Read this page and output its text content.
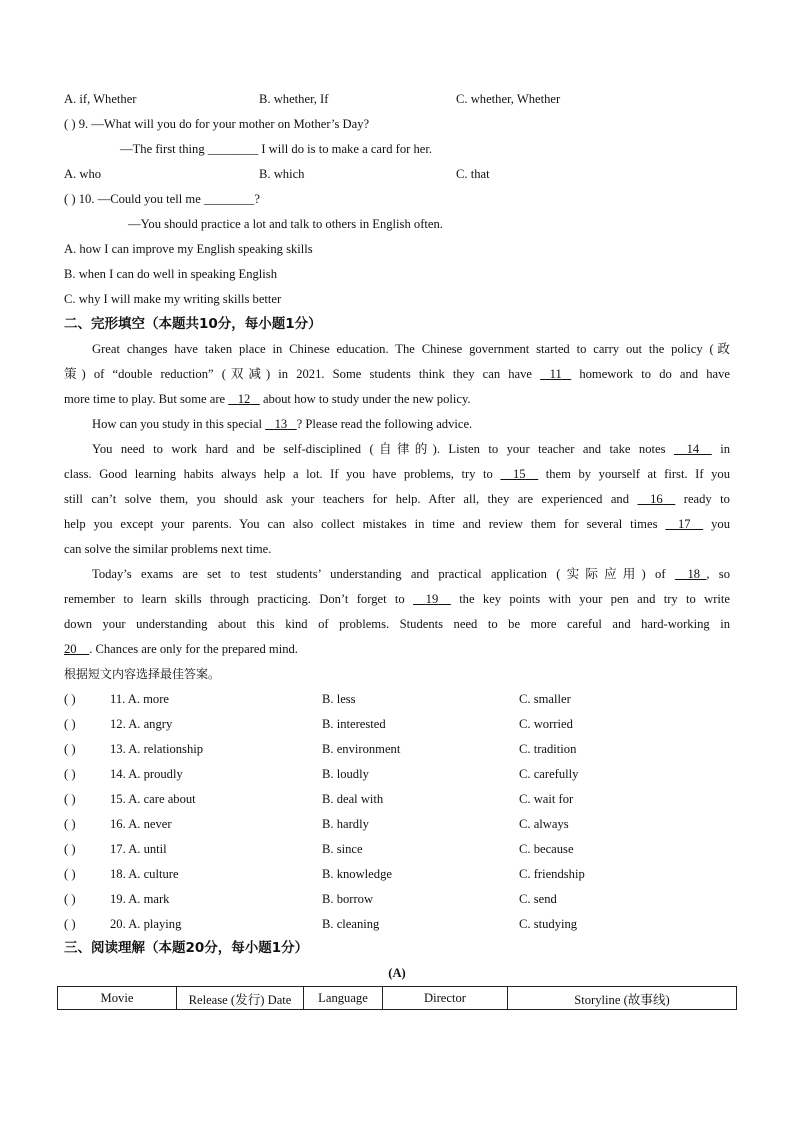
A. if, Whether	B. whether, If	C. whether, Whether
( ) 9. —What will you do for your mother on Mother’s Day?
—The first thing ________ I will do is to make a card for her.
A. who	B. which	C. that
( ) 10. —Could you tell me ________?
—You should practice a lot and talk to others in English often.
A. how I can improve my English speaking skills
B. when I can do well in speaking English
C. why I will make my writing skills better
二、完形填空（本题共10分，每小题1分）
Great changes have taken place in Chinese education. The Chinese government started to carry out the policy (政
策) of “double reduction” (双减) in 2021. Some students think they can have 11 homework to do and have
more time to play. But some are 12 about how to study under the new policy.
How can you study in this special 13 ? Please read the following advice.
You need to work hard and be self-disciplined (自律的). Listen to your teacher and take notes 14 in
class. Good learning habits always help a lot. If you have problems, try to 15 them by yourself at first. If you
still can’t solve them, you should ask your teachers for help. After all, they are experienced and 16 ready to
help you except your parents. You can also collect mistakes in time and review them for several times 17 you
can solve the similar problems next time.
Today’s exams are set to test students’ understanding and practical application (实际应用) of 18 , so
remember to learn skills through practicing. Don’t forget to 19 the key points with your pen and try to write
down your understanding about this kind of problems. Students need to be more careful and hard-working in
20 . Chances are only for the prepared mind.
根据短文内容选择最佳答案。
( )	11. A. more	B. less	C. smaller
( )	12. A. angry	B. interested	C. worried
( )	13. A. relationship	B. environment	C. tradition
( )	14. A. proudly	B. loudly	C. carefully
( )	15. A. care about	B. deal with	C. wait for
( )	16. A. never	B. hardly	C. always
( )	17. A. until	B. since	C. because
( )	18. A. culture	B. knowledge	C. friendship
( )	19. A. mark	B. borrow	C. send
( )	20. A. playing	B. cleaning	C. studying
三、阅读理解（本题20分，每小题1分）
(A)
Movie	Release (发行) Date	Language	Director	Storyline (故事线)
